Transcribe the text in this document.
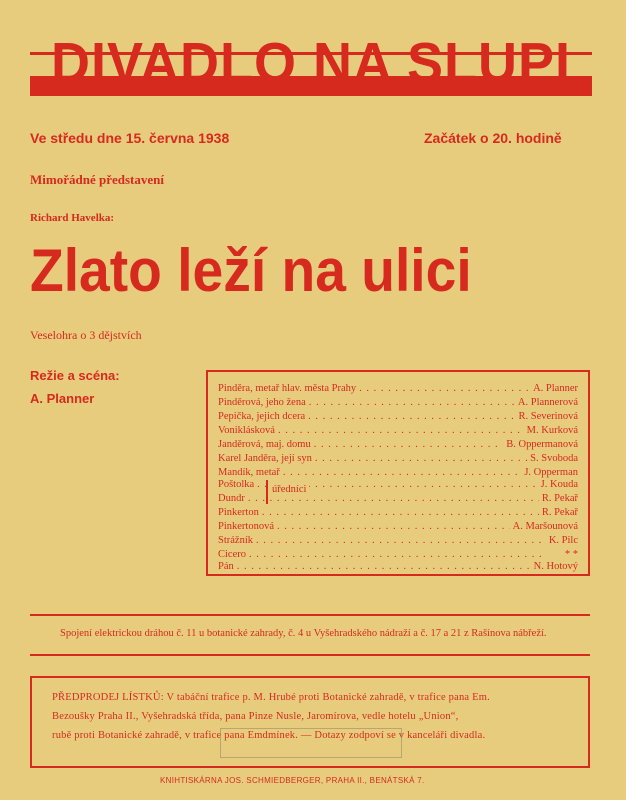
DIVADLO NA SLUPI
Ve středu dne 15. června 1938	Začátek o 20. hodině
Mimořádné představení
Richard Havelka:
Zlato leží na ulici
Veselohra o 3 dějstvích
Režie a scéna:
A. Planner
Pinděra, metař hlav. města Prahy . . .	A. Planner
Pinděrová, jeho žena . . .	A. Plannerová
Pepička, jejich dcera . . .	R. Severinová
Voniklásková . . .	M. Kurková
Janděrová, maj. domu . . .	B. Oppermanová
Karel Janděra, její syn . . .	S. Svoboda
Mandík, metař . . .	J. Opperman
Poštolka . . .	J. Kouda
Dundr . . .	R. Pekař
úředníci
Pinkerton . . .	R. Pekař
Pinkertonová . . .	A. Maršounová
Strážník . . .	K. Pilc
Cicero . . .	* *
Pán . . .	N. Hotový
Spojení elektrickou dráhou č. 11 u botanické zahrady, č. 4 u Vyšehradského nádraží a č. 17 a 21 z Rašínova nábřeží.
PŘEDPRODEJ LÍSTKŮ: V tabáční trafice p. M. Hrubé proti Botanické zahradě, v trafice pana Em.
Bezoušky Praha II., Vyšehradská třída, pana Pinze Nusle, Jaromírova, vedle hotelu „Union“,
rubě proti Botanické zahradě, v trafice pana Emdmínek. — Dotazy zodpoví se v kanceláři divadla.
KNIHTISKÁRNA JOS. SCHMIEDBERGER, PRAHA II., BENÁTSKÁ 7.
